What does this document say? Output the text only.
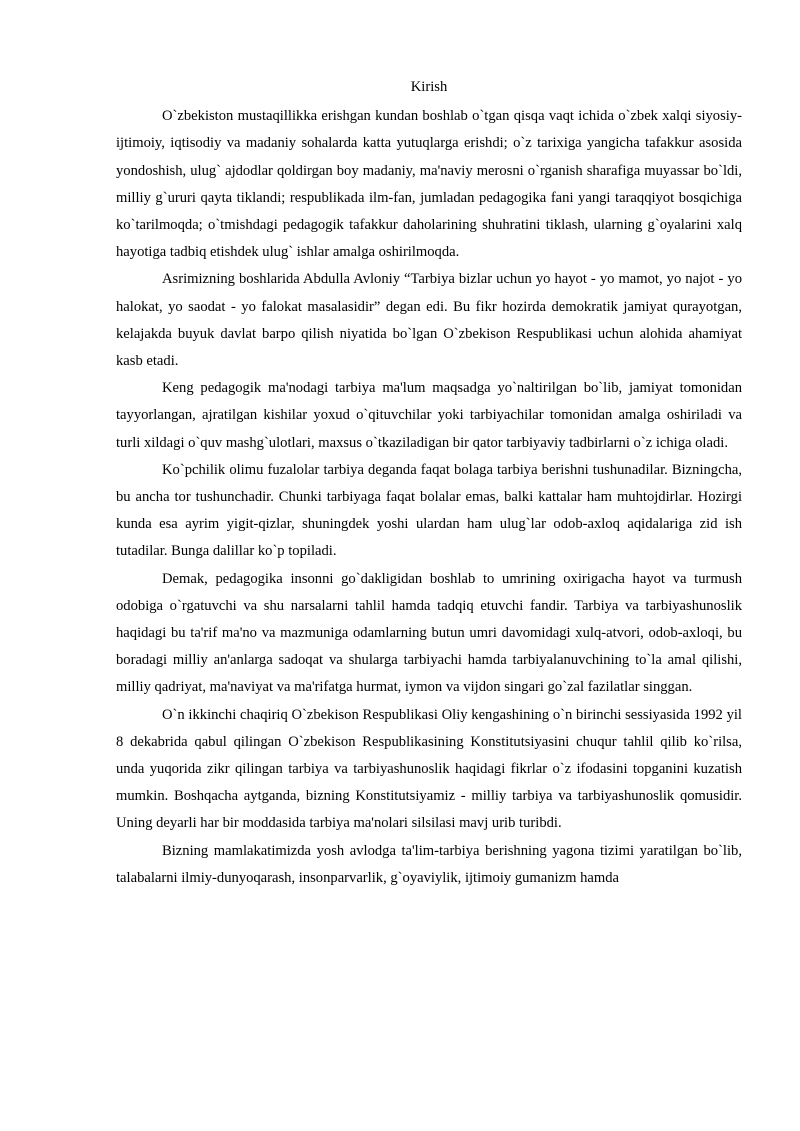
Kirish

O`zbekiston mustaqillikka erishgan kundan boshlab o`tgan qisqa vaqt ichida o`zbek xalqi siyosiy-ijtimoiy, iqtisodiy va madaniy sohalarda katta yutuqlarga erishdi; o`z tarixiga yangicha tafakkur asosida yondoshish, ulug` ajdodlar qoldirgan boy madaniy, ma'naviy merosni o`rganish sharafiga muyassar bo`ldi, milliy g`ururi qayta tiklandi; respublikada ilm-fan, jumladan pedagogika fani yangi taraqqiyot bosqichiga ko`tarilmoqda; o`tmishdagi pedagogik tafakkur daholarining shuhratini tiklash, ularning g`oyalarini xalq hayotiga tadbiq etishdek ulug` ishlar amalga oshirilmoqda.

Asrimizning boshlarida Abdulla Avloniy “Tarbiya bizlar uchun yo hayot - yo mamot, yo najot - yo halokat, yo saodat - yo falokat masalasidir” degan edi. Bu fikr hozirda demokratik jamiyat qurayotgan, kelajakda buyuk davlat barpo qilish niyatida bo`lgan O`zbekison Respublikasi uchun alohida ahamiyat kasb etadi.

Keng pedagogik ma'nodagi tarbiya ma'lum maqsadga yo`naltirilgan bo`lib, jamiyat tomonidan tayyorlangan, ajratilgan kishilar yoxud o`qituvchilar yoki tarbiyachilar tomonidan amalga oshiriladi va turli xildagi o`quv mashg`ulotlari, maxsus o`tkaziladigan bir qator tarbiyaviy tadbirlarni o`z ichiga oladi.

Ko`pchilik olimu fuzalolar tarbiya deganda faqat bolaga tarbiya berishni tushunadilar. Bizningcha, bu ancha tor tushunchadir. Chunki tarbiyaga faqat bolalar emas, balki kattalar ham muhtojdirlar. Hozirgi kunda esa ayrim yigit-qizlar, shuningdek yoshi ulardan ham ulug`lar odob-axloq aqidalariga zid ish tutadilar. Bunga dalillar ko`p topiladi.

Demak, pedagogika insonni go`dakligidan boshlab to umrining oxirigacha hayot va turmush odobiga o`rgatuvchi va shu narsalarni tahlil hamda tadqiq etuvchi fandir. Tarbiya va tarbiyashunoslik haqidagi bu ta'rif ma'no va mazmuniga odamlarning butun umri davomidagi xulq-atvori, odob-axloqi, bu boradagi milliy an'anlarga sadoqat va shularga tarbiyachi hamda tarbiyalanuvchining to`la amal qilishi, milliy qadriyat, ma'naviyat va ma'rifatga hurmat, iymon va vijdon singari go`zal fazilatlar singgan.

O`n ikkinchi chaqiriq O`zbekison Respublikasi Oliy kengashining o`n birinchi sessiyasida 1992 yil 8 dekabrida qabul qilingan O`zbekison Respublikasining Konstitutsiyasini chuqur tahlil qilib ko`rilsa, unda yuqorida zikr qilingan tarbiya va tarbiyashunoslik haqidagi fikrlar o`z ifodasini topganini kuzatish mumkin. Boshqacha aytganda, bizning Konstitutsiyamiz - milliy tarbiya va tarbiyashunoslik qomusidir. Uning deyarli har bir moddasida tarbiya ma'nolari silsilasi mavj urib turibdi.

Bizning mamlakatimizda yosh avlodga ta'lim-tarbiya berishning yagona tizimi yaratilgan bo`lib, talabalarni ilmiy-dunyoqarash, insonparvarlik, g`oyaviylik, ijtimoiy gumanizm hamda
